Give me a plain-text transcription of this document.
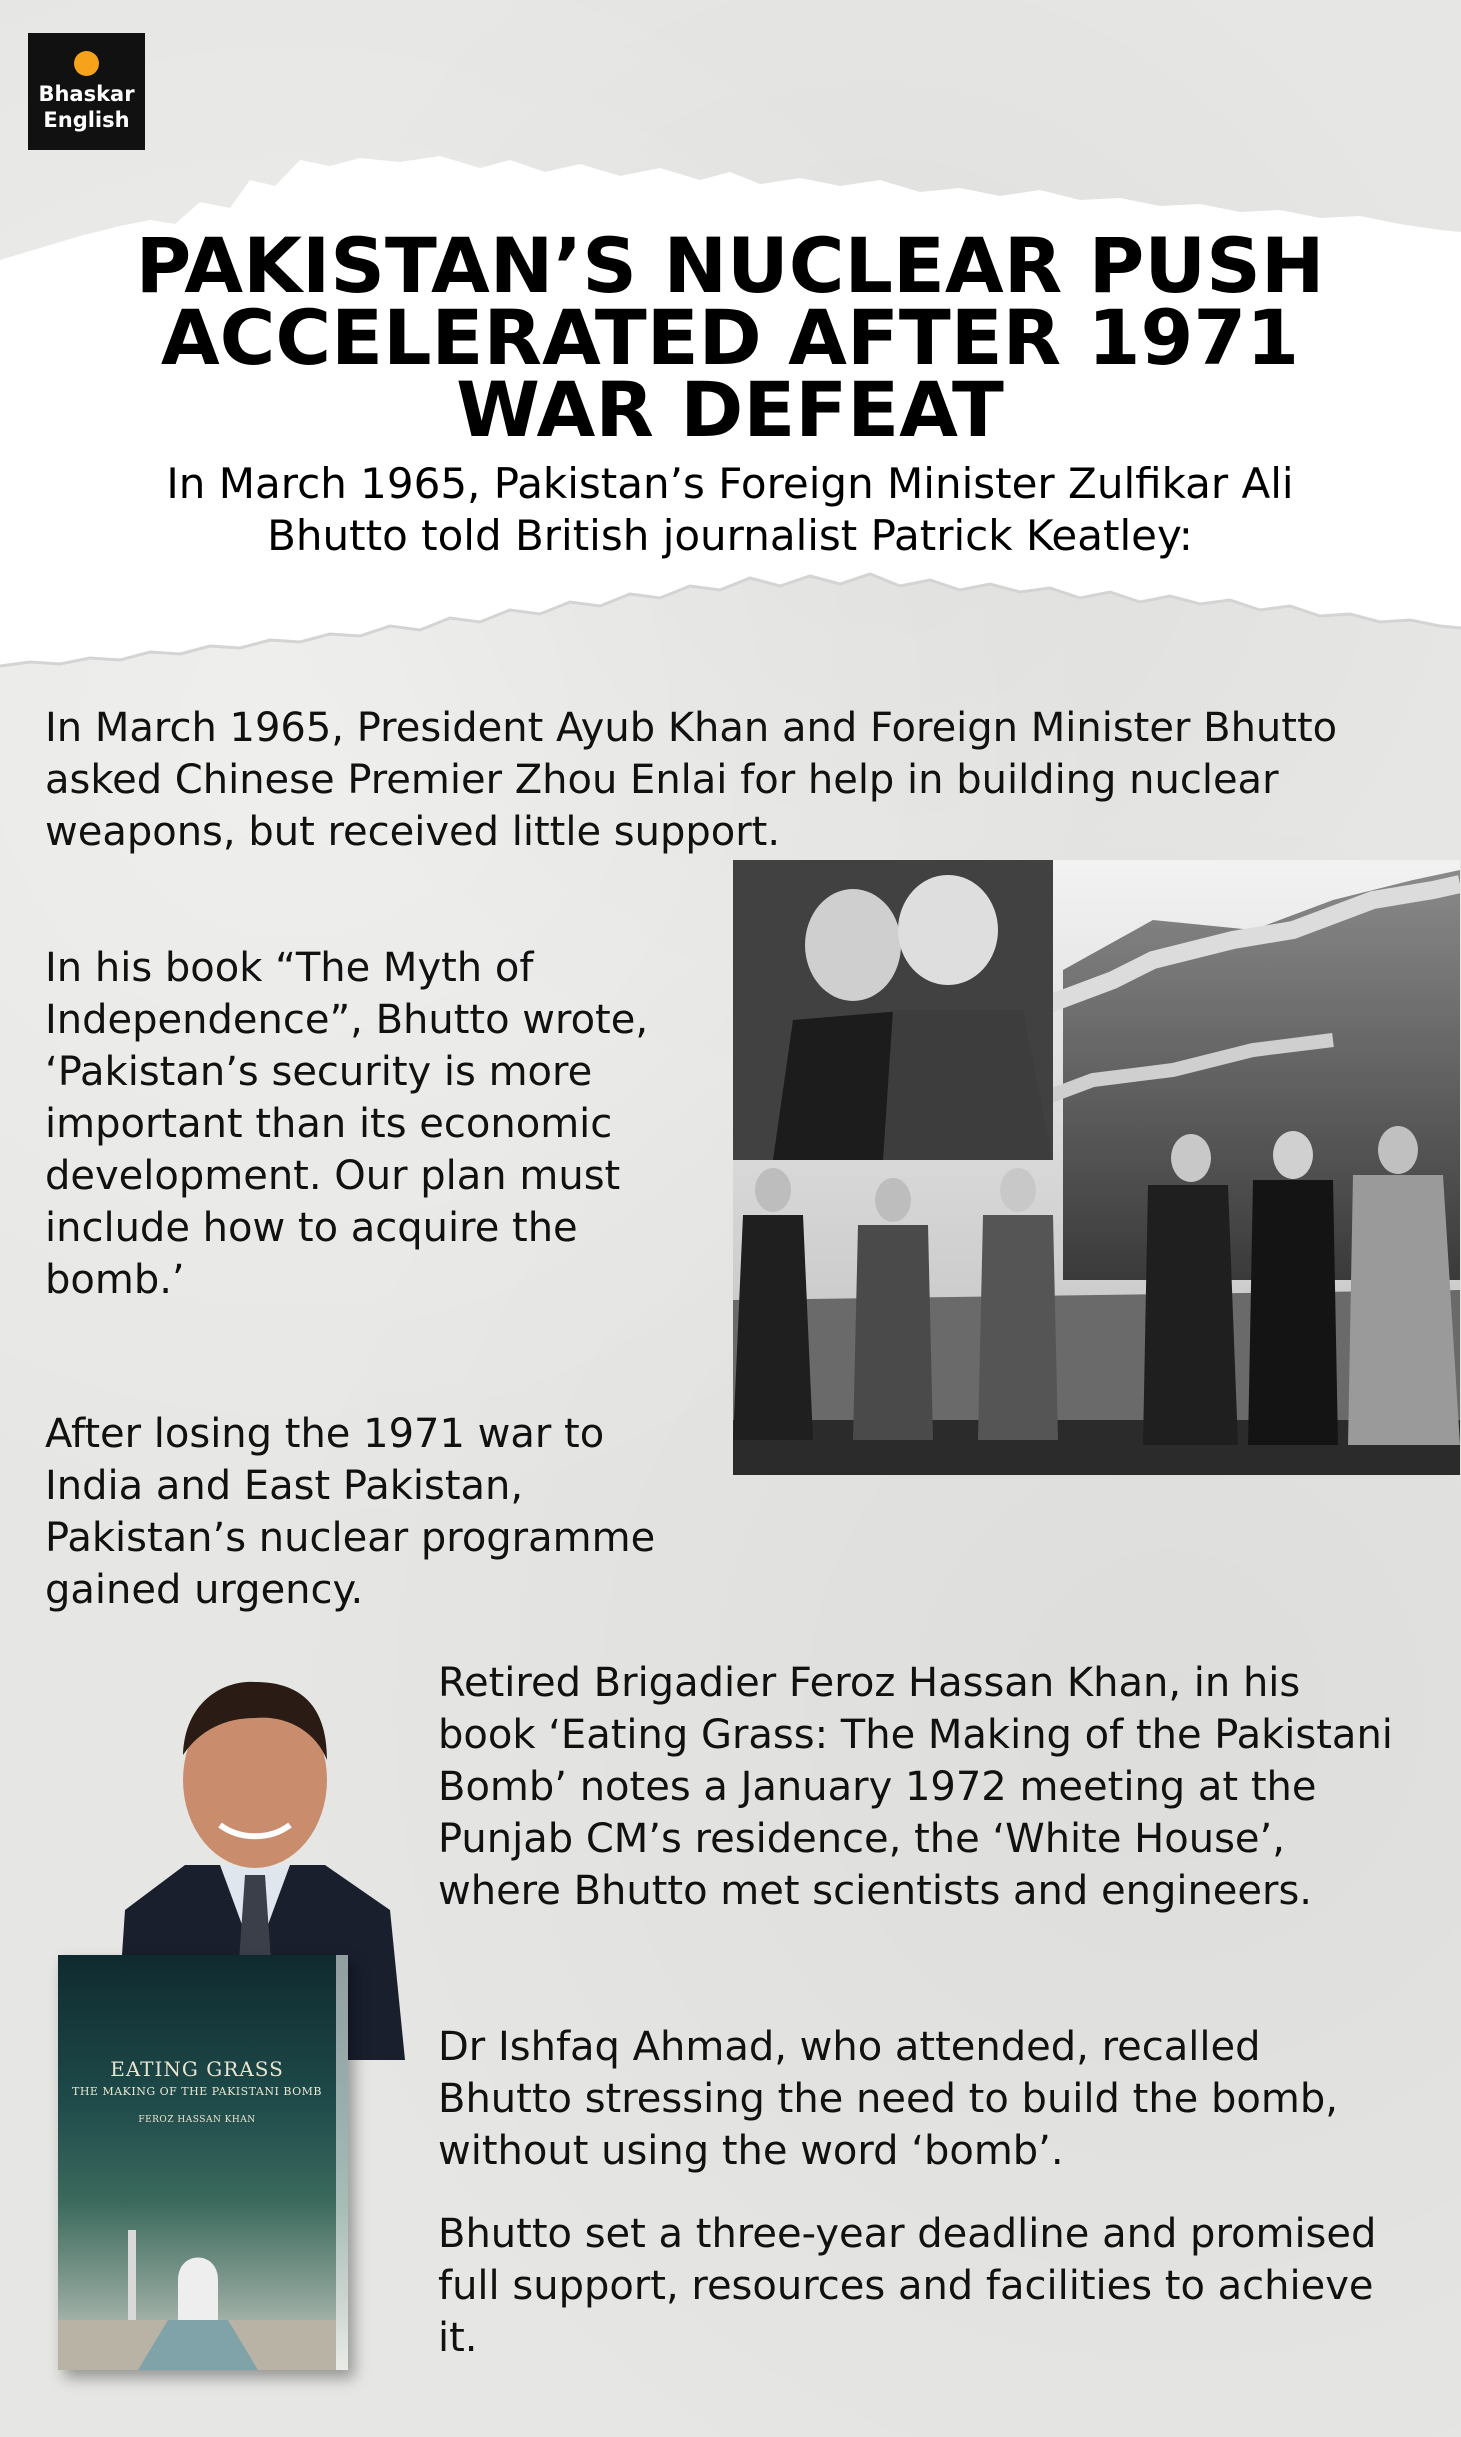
Bhaskar
English
PAKISTAN’S NUCLEAR PUSH ACCELERATED AFTER 1971 WAR DEFEAT

In March 1965, Pakistan’s Foreign Minister Zulfikar Ali Bhutto told British journalist Patrick Keatley:

In March 1965, President Ayub Khan and Foreign Minister Bhutto asked Chinese Premier Zhou Enlai for help in building nuclear weapons, but received little support.

In his book “The Myth of Independence”, Bhutto wrote, ‘Pakistan’s security is more important than its economic development. Our plan must include how to acquire the bomb.’

After losing the 1971 war to India and East Pakistan, Pakistan’s nuclear programme gained urgency.

EATING GRASS
THE MAKING OF THE PAKISTANI BOMB
FEROZ HASSAN KHAN

Retired Brigadier Feroz Hassan Khan, in his book ‘Eating Grass: The Making of the Pakistani Bomb’ notes a January 1972 meeting at the Punjab CM’s residence, the ‘White House’, where Bhutto met scientists and engineers.

Dr Ishfaq Ahmad, who attended, recalled Bhutto stressing the need to build the bomb, without using the word ‘bomb’.

Bhutto set a three-year deadline and promised full support, resources and facilities to achieve it.
